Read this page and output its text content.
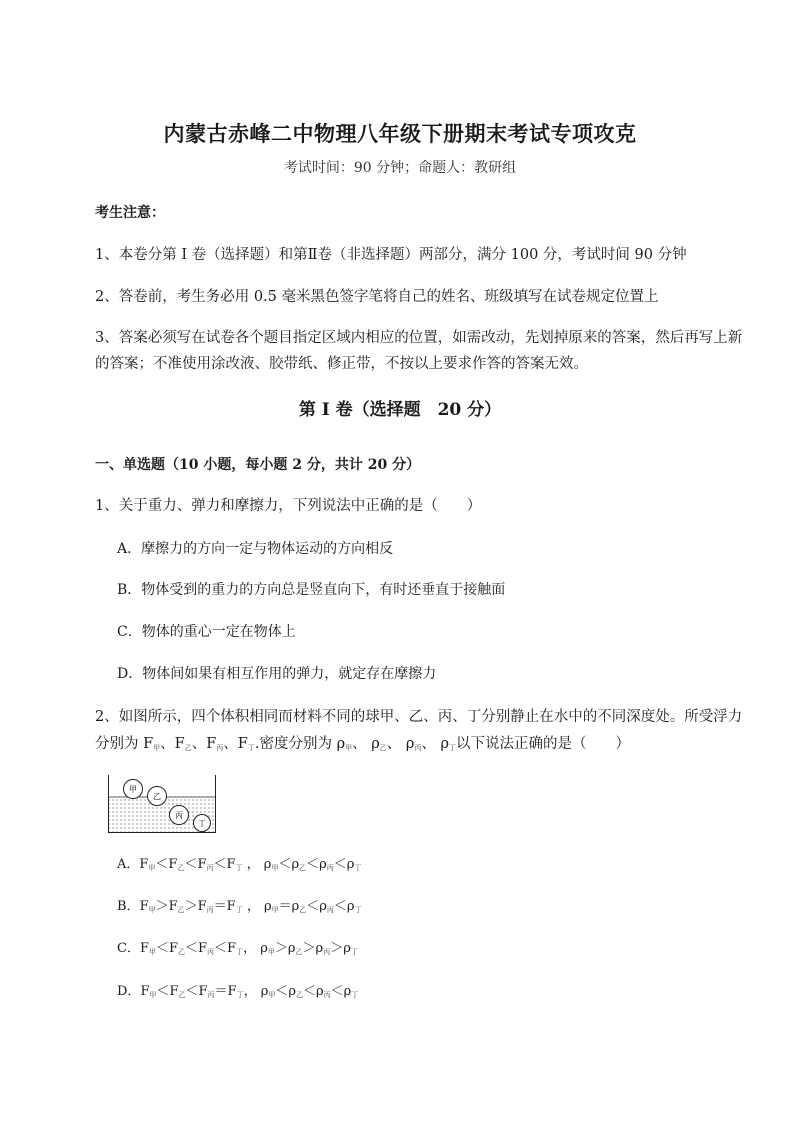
内蒙古赤峰二中物理八年级下册期末考试专项攻克
考试时间：90 分钟；命题人：教研组
考生注意：
1、本卷分第 I 卷（选择题）和第Ⅱ卷（非选择题）两部分，满分 100 分，考试时间 90 分钟
2、答卷前，考生务必用 0.5 毫米黑色签字笔将自己的姓名、班级填写在试卷规定位置上
3、答案必须写在试卷各个题目指定区域内相应的位置，如需改动，先划掉原来的答案，然后再写上新
的答案；不准使用涂改液、胶带纸、修正带，不按以上要求作答的答案无效。
第 I 卷（选择题　20 分）
一、单选题（10 小题，每小题 2 分，共计 20 分）
1、关于重力、弹力和摩擦力，下列说法中正确的是（　　）
A．摩擦力的方向一定与物体运动的方向相反
B．物体受到的重力的方向总是竖直向下，有时还垂直于接触面
C．物体的重心一定在物体上
D．物体间如果有相互作用的弹力，就定存在摩擦力
2、如图所示，四个体积相同而材料不同的球甲、乙、丙、丁分别静止在水中的不同深度处。所受浮力
分别为 $F_甲$、$F_乙$、$F_丙$、$F_丁$.密度分别为 $\rho_甲$、 $\rho_乙$、 $\rho_丙$、 $\rho_丁$以下说法正确的是（　　）
甲
乙
丙
丁
A．$F_甲<F_乙<F_丙<F_丁$ ， $\rho_甲<\rho_乙<\rho_丙<\rho_丁$
B．$F_甲>F_乙>F_丙=F_丁$ ， $\rho_甲=\rho_乙<\rho_丙<\rho_丁$
C．$F_甲<F_乙<F_丙<F_丁$， $\rho_甲>\rho_乙>\rho_丙>\rho_丁$
D．$F_甲<F_乙<F_丙=F_丁$， $\rho_甲<\rho_乙<\rho_丙<\rho_丁$
